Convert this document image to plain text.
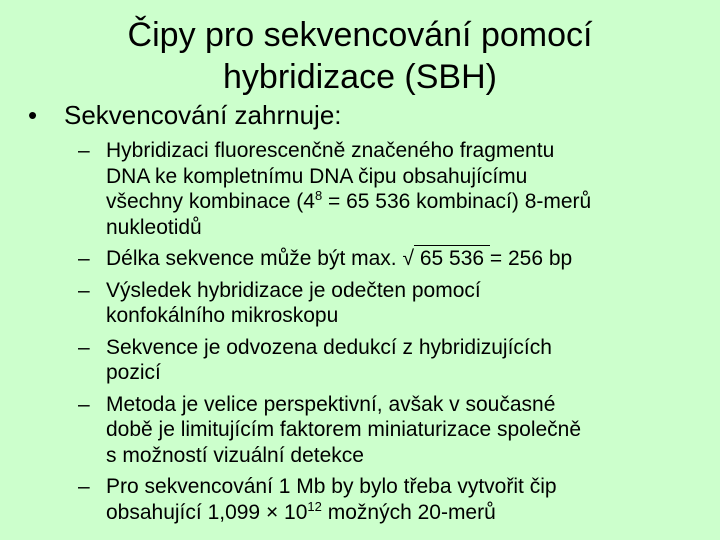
Čipy pro sekvencování pomocí
hybridizace (SBH)
• Sekvencování zahrnuje:
– Hybridizaci fluorescenčně značeného fragmentu
DNA ke kompletnímu DNA čipu obsahujícímu
všechny kombinace ($4^8 = 65$ 536 kombinací) 8-merů
nukleotidů
– Délka sekvence může být max. √ 65 536 = 256 bp
– Výsledek hybridizace je odečten pomocí
konfokálního mikroskopu
– Sekvence je odvozena dedukcí z hybridizujících
pozicí
– Metoda je velice perspektivní, avšak v současné
době je limitujícím faktorem miniaturizace společně
s možností vizuální detekce
– Pro sekvencování 1 Mb by bylo třeba vytvořit čip
obsahující $1,099 \times 10^{12}$ možných 20-merů
